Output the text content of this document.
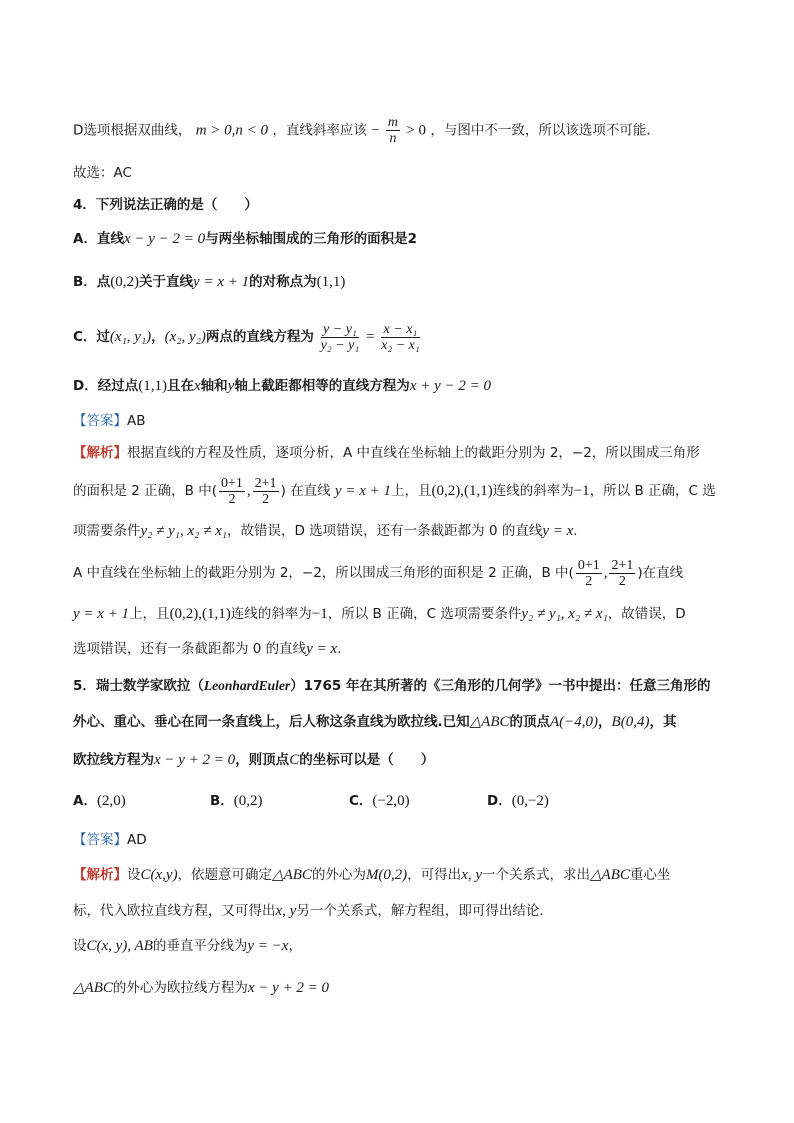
D选项根据双曲线， m > 0,n < 0 ，直线斜率应该 − $\frac{m}{n} > 0$ ，与图中不一致，所以该选项不可能.
故选：AC
4．下列说法正确的是（　　）
A．直线x − y − 2 = 0与两坐标轴围成的三角形的面积是2
B．点(0,2)关于直线y = x + 1的对称点为(1,1)
C．过(x₁, y₁)，(x₂, y₂)两点的直线方程为 $\frac{\text{y − y₁}}{\text{y₂ − y₁}} = \frac{\text{x − x₁}}{\text{x₂ − x₁}}$
D．经过点(1,1)且在x轴和y轴上截距都相等的直线方程为x + y − 2 = 0
【答案】AB
【解析】根据直线的方程及性质，逐项分析，A 中直线在坐标轴上的截距分别为 2，−2，所以围成三角形
的面积是 2 正确，B 中( $\frac{0+1}{2}$ , $\frac{2+1}{2}$ ) 在直线 y = x + 1上，且(0,2),(1,1)连线的斜率为−1，所以 B 正确，C 选
项需要条件y₂ ≠ y₁, x₂ ≠ x₁，故错误，D 选项错误，还有一条截距都为 0 的直线y = x.
A 中直线在坐标轴上的截距分别为 2，−2，所以围成三角形的面积是 2 正确，B 中( $\frac{0+1}{2}$ , $\frac{2+1}{2}$ )在直线
y = x + 1上，且(0,2),(1,1)连线的斜率为−1，所以 B 正确，C 选项需要条件y₂ ≠ y₁, x₂ ≠ x₁，故错误，D
选项错误，还有一条截距都为 0 的直线y = x.
5．瑞士数学家欧拉（LeonhardEuler）1765 年在其所著的《三角形的几何学》一书中提出：任意三角形的
外心、重心、垂心在同一条直线上，后人称这条直线为欧拉线.已知△ABC的顶点A(−4,0)，B(0,4)，其
欧拉线方程为x − y + 2 = 0，则顶点C的坐标可以是（　　）
A．(2,0)	B．(0,2)	C．(−2,0)	D．(0,−2)
【答案】AD
【解析】设C(x,y)，依题意可确定△ABC的外心为M(0,2)，可得出x, y一个关系式，求出△ABC重心坐
标，代入欧拉直线方程，又可得出x, y另一个关系式，解方程组，即可得出结论.
设C(x, y), AB的垂直平分线为y = −x，
△ABC的外心为欧拉线方程为x − y + 2 = 0
